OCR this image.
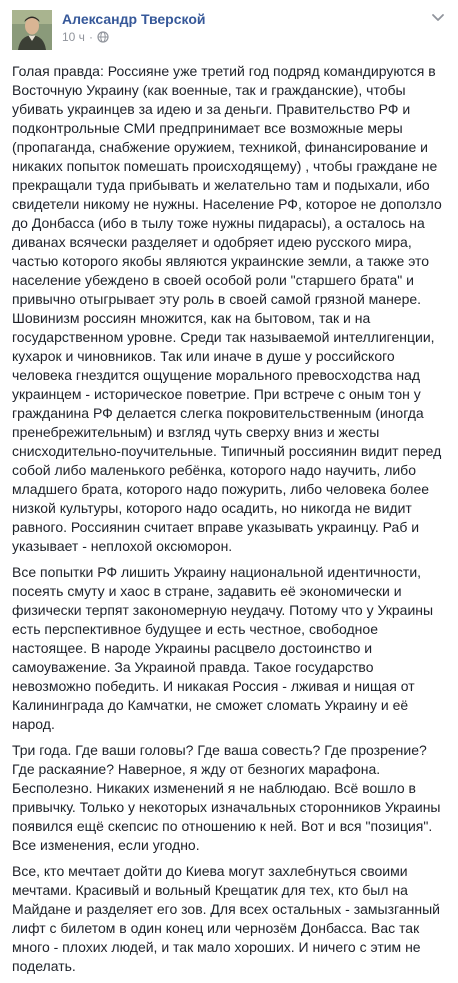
Александр Тверской
10 ч ·

Голая правда: Россияне уже третий год подряд командируются в Восточную Украину (как военные, так и гражданские), чтобы убивать украинцев за идею и за деньги. Правительство РФ и подконтрольные СМИ предпринимает все возможные меры (пропаганда, снабжение оружием, техникой, финансирование и никаких попыток помешать происходящему) , чтобы граждане не прекращали туда прибывать и желательно там и подыхали, ибо свидетели никому не нужны. Население РФ, которое не доползло до Донбасса (ибо в тылу тоже нужны пидарасы), а осталось на диванах всячески разделяет и одобряет идею русского мира, частью которого якобы являются украинские земли, а также это население убеждено в своей особой роли "старшего брата" и привычно отыгрывает эту роль в своей самой грязной манере. Шовинизм россиян множится, как на бытовом, так и на государственном уровне. Среди так называемой интеллигенции, кухарок и чиновников. Так или иначе в душе у российского человека гнездится ощущение морального превосходства над украинцем - историческое поветрие. При встрече с оным тон у гражданина РФ делается слегка покровительственным (иногда пренебрежительным) и взгляд чуть сверху вниз и жесты снисходительно-поучительные. Типичный россиянин видит перед собой либо маленького ребёнка, которого надо научить, либо младшего брата, которого надо пожурить, либо человека более низкой культуры, которого надо осадить, но никогда не видит равного. Россиянин считает вправе указывать украинцу. Раб и указывает - неплохой оксюморон.

Все попытки РФ лишить Украину национальной идентичности, посеять смуту и хаос в стране, задавить её экономически и физически терпят закономерную неудачу. Потому что у Украины есть перспективное будущее и есть честное, свободное настоящее. В народе Украины расцвело достоинство и самоуважение. За Украиной правда. Такое государство невозможно победить. И никакая Россия - лживая и нищая от Калининграда до Камчатки, не сможет сломать Украину и её народ.

Три года. Где ваши головы? Где ваша совесть? Где прозрение? Где раскаяние? Наверное, я жду от безногих марафона. Бесполезно. Никаких изменений я не наблюдаю. Всё вошло в привычку. Только у некоторых изначальных сторонников Украины появился ещё скепсис по отношению к ней. Вот и вся "позиция". Все изменения, если угодно.

Все, кто мечтает дойти до Киева могут захлебнуться своими мечтами. Красивый и вольный Крещатик для тех, кто был на Майдане и разделяет его зов. Для всех остальных - замызганный лифт с билетом в один конец или чернозём Донбасса. Вас так много - плохих людей, и так мало хороших. И ничего с этим не поделать.
